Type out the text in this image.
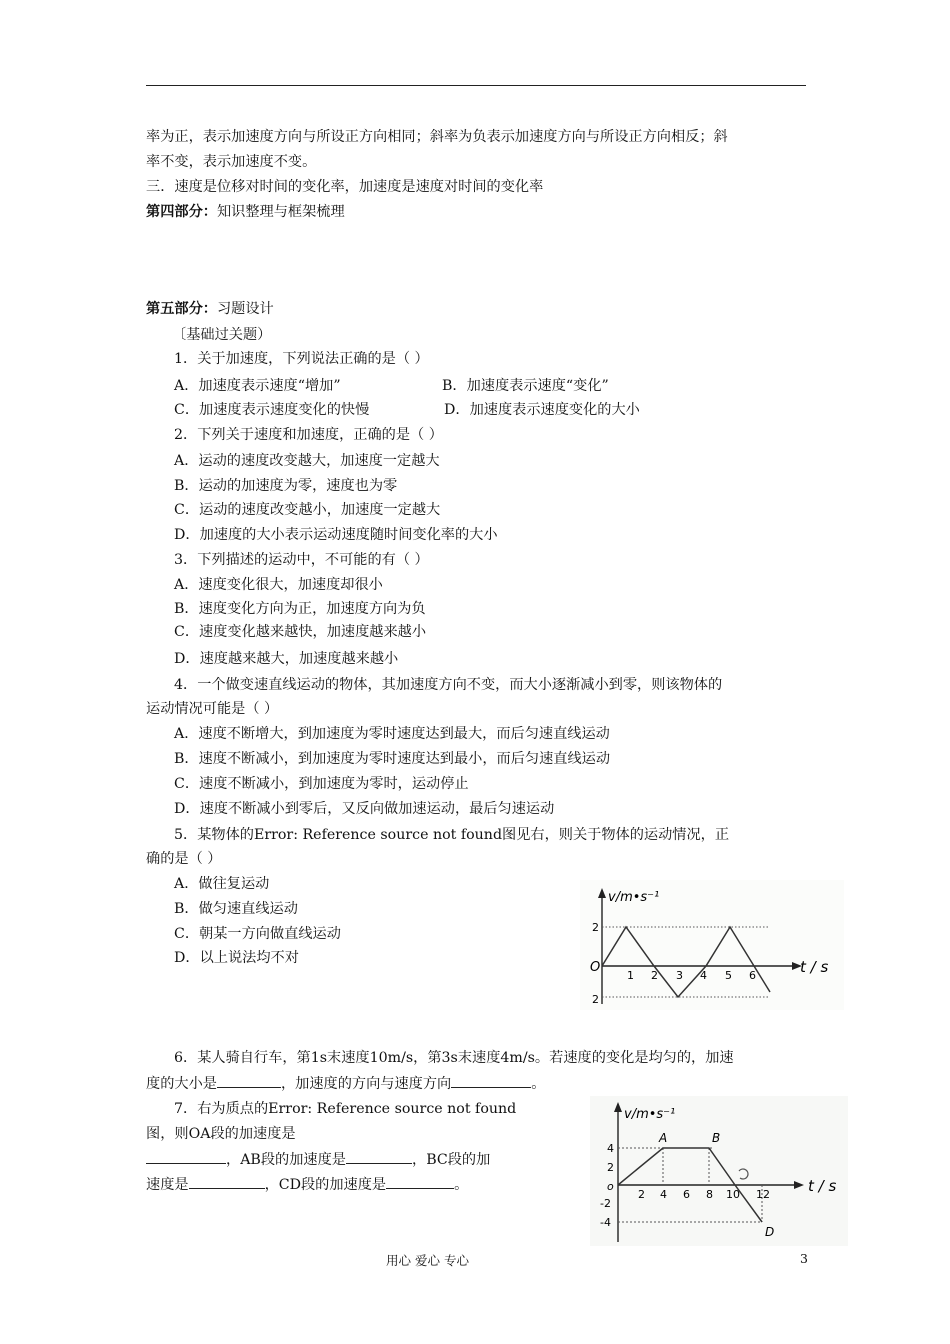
率为正，表示加速度方向与所设正方向相同；斜率为负表示加速度方向与所设正方向相反；斜
率不变，表示加速度不变。
三．速度是位移对时间的变化率，加速度是速度对时间的变化率
第四部分：知识整理与框架梳理
第五部分：习题设计
〔基础过关题）
1．关于加速度，下列说法正确的是（ ）
A．加速度表示速度“增加”	B．加速度表示速度“变化”
C．加速度表示速度变化的快慢	D．加速度表示速度变化的大小
2．下列关于速度和加速度，正确的是（ ）
A．运动的速度改变越大，加速度一定越大
B．运动的加速度为零，速度也为零
C．运动的速度改变越小，加速度一定越大
D．加速度的大小表示运动速度随时间变化率的大小
3．下列描述的运动中，不可能的有（ ）
A．速度变化很大，加速度却很小
B．速度变化方向为正，加速度方向为负
C．速度变化越来越快，加速度越来越小
D．速度越来越大，加速度越来越小
4．一个做变速直线运动的物体，其加速度方向不变，而大小逐渐减小到零，则该物体的
运动情况可能是（ ）
A．速度不断增大，到加速度为零时速度达到最大，而后匀速直线运动
B．速度不断减小，到加速度为零时速度达到最小，而后匀速直线运动
C．速度不断减小，到加速度为零时，运动停止
D．速度不断减小到零后，又反向做加速运动，最后匀速运动
5．某物体的Error: Reference source not found图见右，则关于物体的运动情况，正
确的是（ ）
A．做往复运动
B．做匀速直线运动
C．朝某一方向做直线运动
D．以上说法均不对
v/m•s⁻¹
t / s
O
2
2
1 2 3 4 5 6
6．某人骑自行车，第1s末速度10m/s，第3s末速度4m/s。若速度的变化是均匀的，加速
度的大小是	，加速度的方向与速度方向	。
7．右为质点的Error: Reference source not found
图，则OA段的加速度是
，AB段的加速度是	，BC段的加
速度是	，CD段的加速度是	。
v/m•s⁻¹
t / s
o
4
2
-2
-4
2 4 6 8 10 12
A	B
D
用心 爱心 专心	3
